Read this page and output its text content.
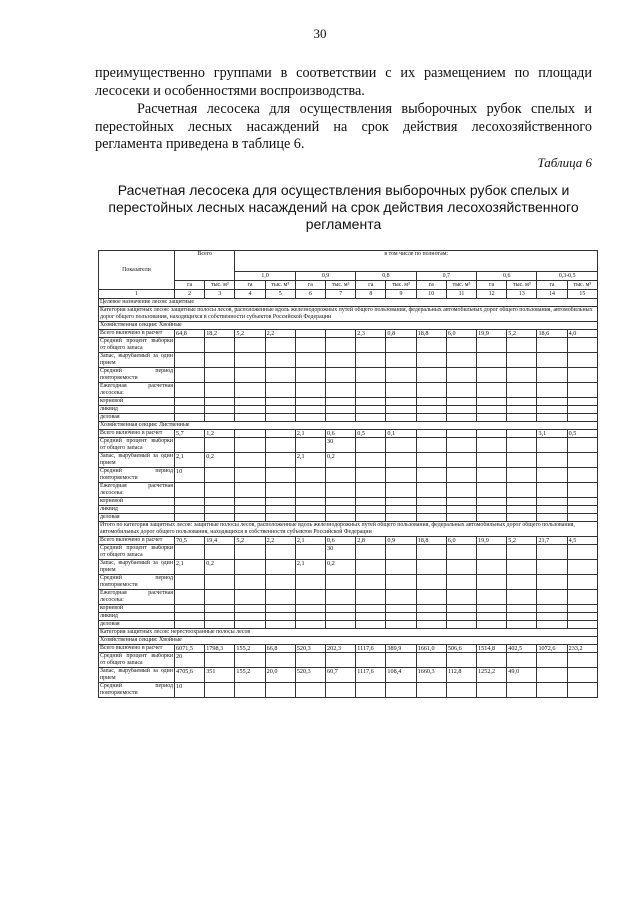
30
преимущественно группами в соответствии с их размещением по площади лесосеки и особенностями воспроизводства.
Расчетная лесосека для осуществления выборочных рубок спелых и перестойных лесных насаждений на срок действия лесохозяйственного регламента приведена в таблице 6.
Таблица 6
Расчетная лесосека для осуществления выборочных рубок спелых и перестойных лесных насаждений на срок действия лесохозяйственного регламента
Показатели	Всего		в том числе по полнотам:											
			1,0		0,9		0,8		0,7		0,6		0,3-0,5	
	га	тыс. м³	га	тыс. м³	га	тыс. м³	га	тыс. м³	га	тыс. м³	га	тыс. м³	га	тыс. м³
1	2	3	4	5	6	7	8	9	10	11	12	13	14	15
Целевое назначение лесов: защитные														
Категория защитных лесов: защитные полосы лесов, расположенные вдоль железнодорожных путей общего пользования, федеральных автомобильных дорог общего пользования, автомобильных дорог общего пользования, находящихся в собственности субъектов Российской Федерации														
Хозяйственная секция: Хвойные														
Всего включено в расчет	64,8	18,2	5,2	2,2			2,3	0,8	18,8	6,0	19,9	5,2	18,6	4,0
Средний процент выборки от общего запаса														
Запас, вырубаемый за один прием														
Средний период повторяемости														
Ежегодная расчетная лесосека:														
корневой														
ликвид														
деловая														
Хозяйственная секция: Лиственные														
Всего включено в расчет	5,7	1,2			2,1	0,6	0,5	0,1					3,1	0,5
Средний процент выборки от общего запаса						30								
Запас, вырубаемый за один прием	2,1	0,2			2,1	0,2								
Средний период повторяемости	10													
Ежегодная расчетная лесосека:														
корневой														
ликвид														
деловая														
Итого по категория защитных лесов: защитные полосы лесов, расположенные вдоль железнодорожных путей общего пользования, федеральных автомобильных дорог общего пользования, автомобильных дорог общего пользования, находящихся в собственности субъектов Российской Федерации														
Всего включено в расчет	70,5	19,4	5,2	2,2	2,1	0,6	2,8	0,9	18,8	6,0	19,9	5,2	21,7	4,5
Средний процент выборки от общего запаса						30								
Запас, вырубаемый за один прием	2,1	0,2			2,1	0,2								
Средний период повторяемости														
Ежегодная расчетная лесосека:														
корневой														
ликвид														
деловая														
Категория защитных лесов: нерестоохранные полосы лесов														
Хозяйственная секция: Хвойные														
Всего включено в расчет	6071,5	1798,3	155,2	66,8	520,3	202,3	1117,6	389,9	1661,0	506,6	1514,8	402,5	1072,6	233,2
Средний процент выборки от общего запаса	20													
Запас, вырубаемый за один прием	4705,6	351	155,2	20,0	520,3	60,7	1117,6	108,4	1660,3	112,8	1252,2	49,0		
Средний период повторяемости	10													
